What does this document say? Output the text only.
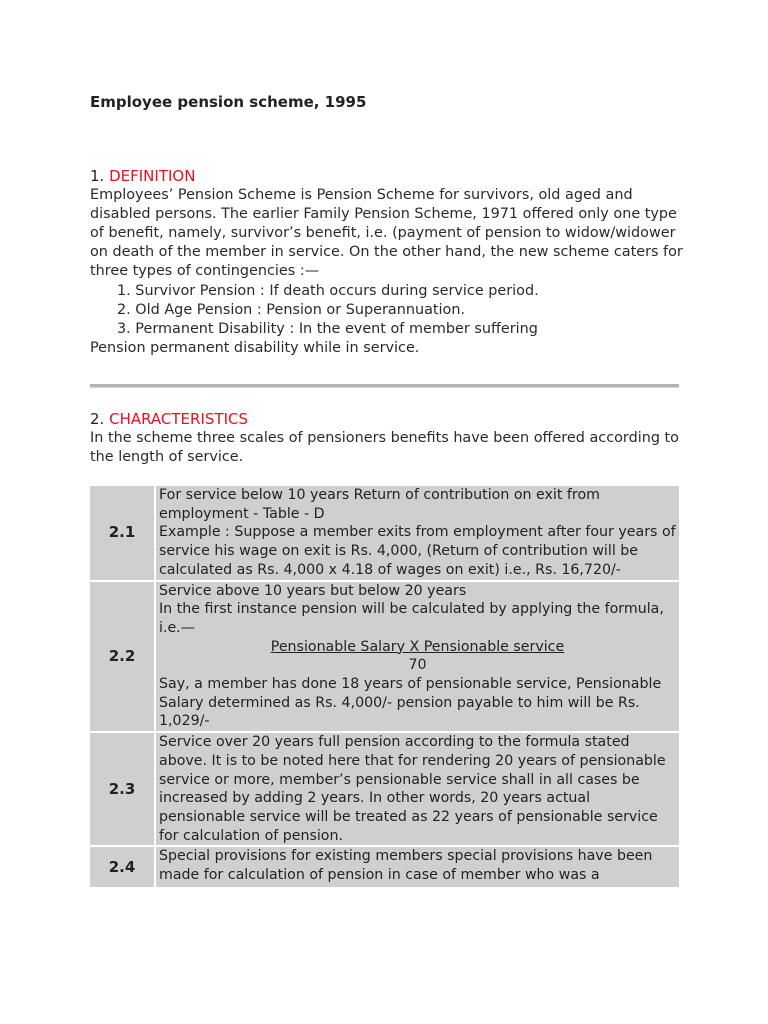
Employee pension scheme, 1995
1. DEFINITION

Employees’ Pension Scheme is Pension Scheme for survivors, old aged and disabled persons. The earlier Family Pension Scheme, 1971 offered only one type of benefit, namely, survivor’s benefit, i.e. (payment of pension to widow/widower on death of the member in service. On the other hand, the new scheme caters for three types of contingencies :—

1. Survivor Pension : If death occurs during service period.
2. Old Age Pension : Pension or Superannuation.
3. Permanent Disability : In the event of member suffering

Pension permanent disability while in service.

2. CHARACTERISTICS

In the scheme three scales of pensioners benefits have been offered according to the length of service.

2.1	For service below 10 years Return of contribution on exit from employment - Table - D
Example : Suppose a member exits from employment after four years of service his wage on exit is Rs. 4,000, (Return of contribution will be calculated as Rs. 4,000 x 4.18 of wages on exit) i.e., Rs. 16,720/-

2.2	Service above 10 years but below 20 years
In the first instance pension will be calculated by applying the formula, i.e.—
Pensionable Salary X Pensionable service
70
Say, a member has done 18 years of pensionable service, Pensionable Salary determined as Rs. 4,000/- pension payable to him will be Rs. 1,029/-

2.3	Service over 20 years full pension according to the formula stated above. It is to be noted here that for rendering 20 years of pensionable service or more, member’s pensionable service shall in all cases be increased by adding 2 years. In other words, 20 years actual pensionable service will be treated as 22 years of pensionable service for calculation of pension.

2.4	Special provisions for existing members special provisions have been made for calculation of pension in case of member who was a
